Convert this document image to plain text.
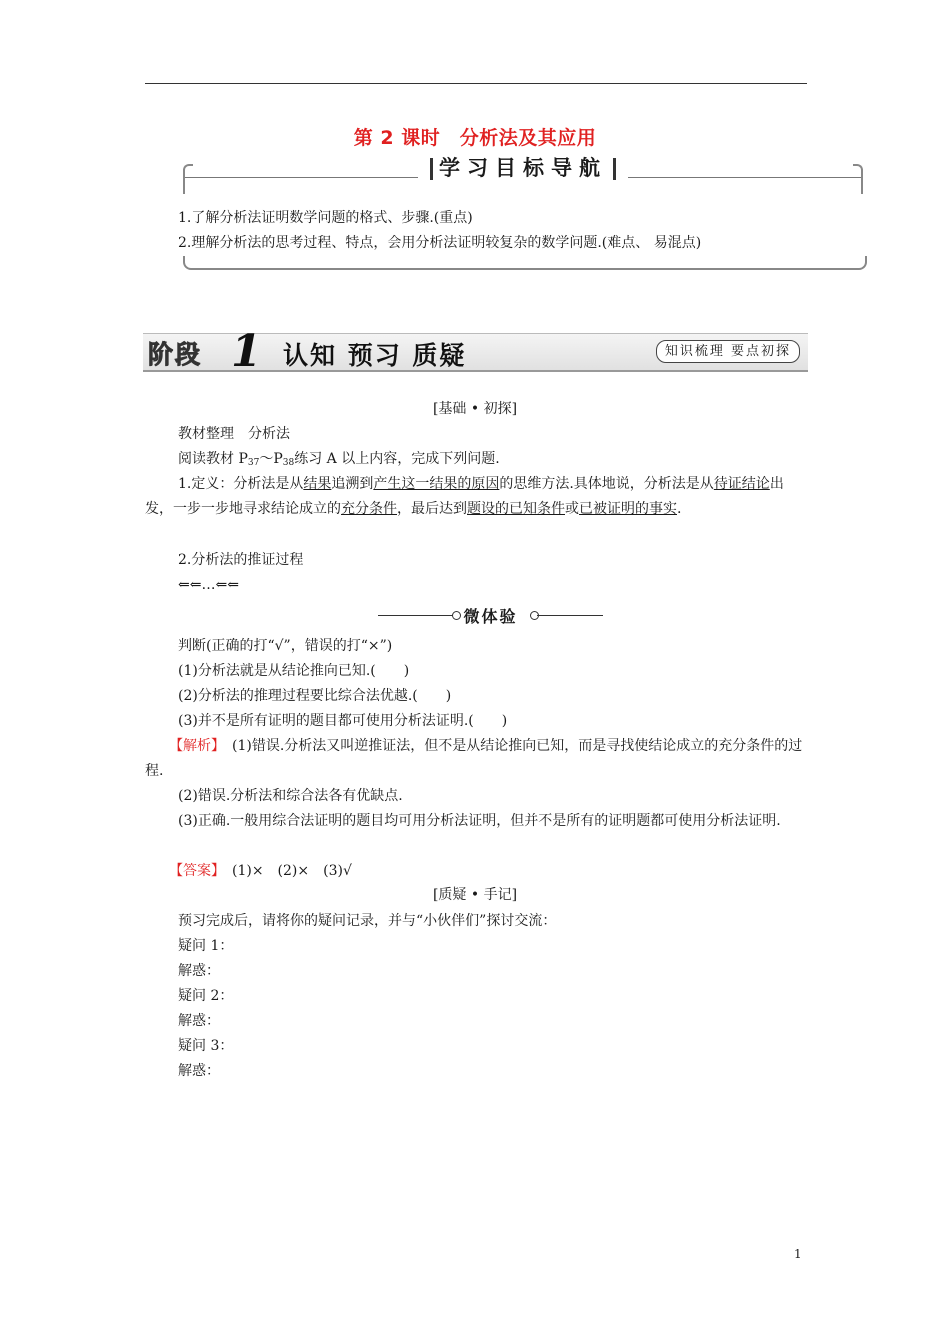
第 2 课时　分析法及其应用
学习目标导航
1.了解分析法证明数学问题的格式、步骤.(重点)
2.理解分析法的思考过程、特点，会用分析法证明较复杂的数学问题.(难点、 易混点)
阶段 1 认知 预习 质疑	知识梳理 要点初探
[基础 • 初探]
教材整理　分析法
阅读教材 $P_{37}\sim P_{38}$练习 A 以上内容，完成下列问题.
1.定义：分析法是从结果追溯到产生这一结果的原因的思维方法.具体地说，分析法是从待证结论出发，一步一步地寻求结论成立的充分条件，最后达到题设的已知条件或已被证明的事实.
2.分析法的推证过程
⇐⇐…⇐⇐
微体验
判断(正确的打“√”，错误的打“×”)
(1)分析法就是从结论推向已知.(　　)
(2)分析法的推理过程要比综合法优越.(　　)
(3)并不是所有证明的题目都可使用分析法证明.(　　)
【解析】　(1)错误.分析法又叫逆推证法，但不是从结论推向已知，而是寻找使结论成立的充分条件的过程.
(2)错误.分析法和综合法各有优缺点.
(3)正确.一般用综合法证明的题目均可用分析法证明，但并不是所有的证明题都可使用分析法证明.
【答案】　(1)×　(2)×　(3)√
[质疑 • 手记]
预习完成后，请将你的疑问记录，并与“小伙伴们”探讨交流：
疑问 1：
解惑：
疑问 2：
解惑：
疑问 3：
解惑：
1
